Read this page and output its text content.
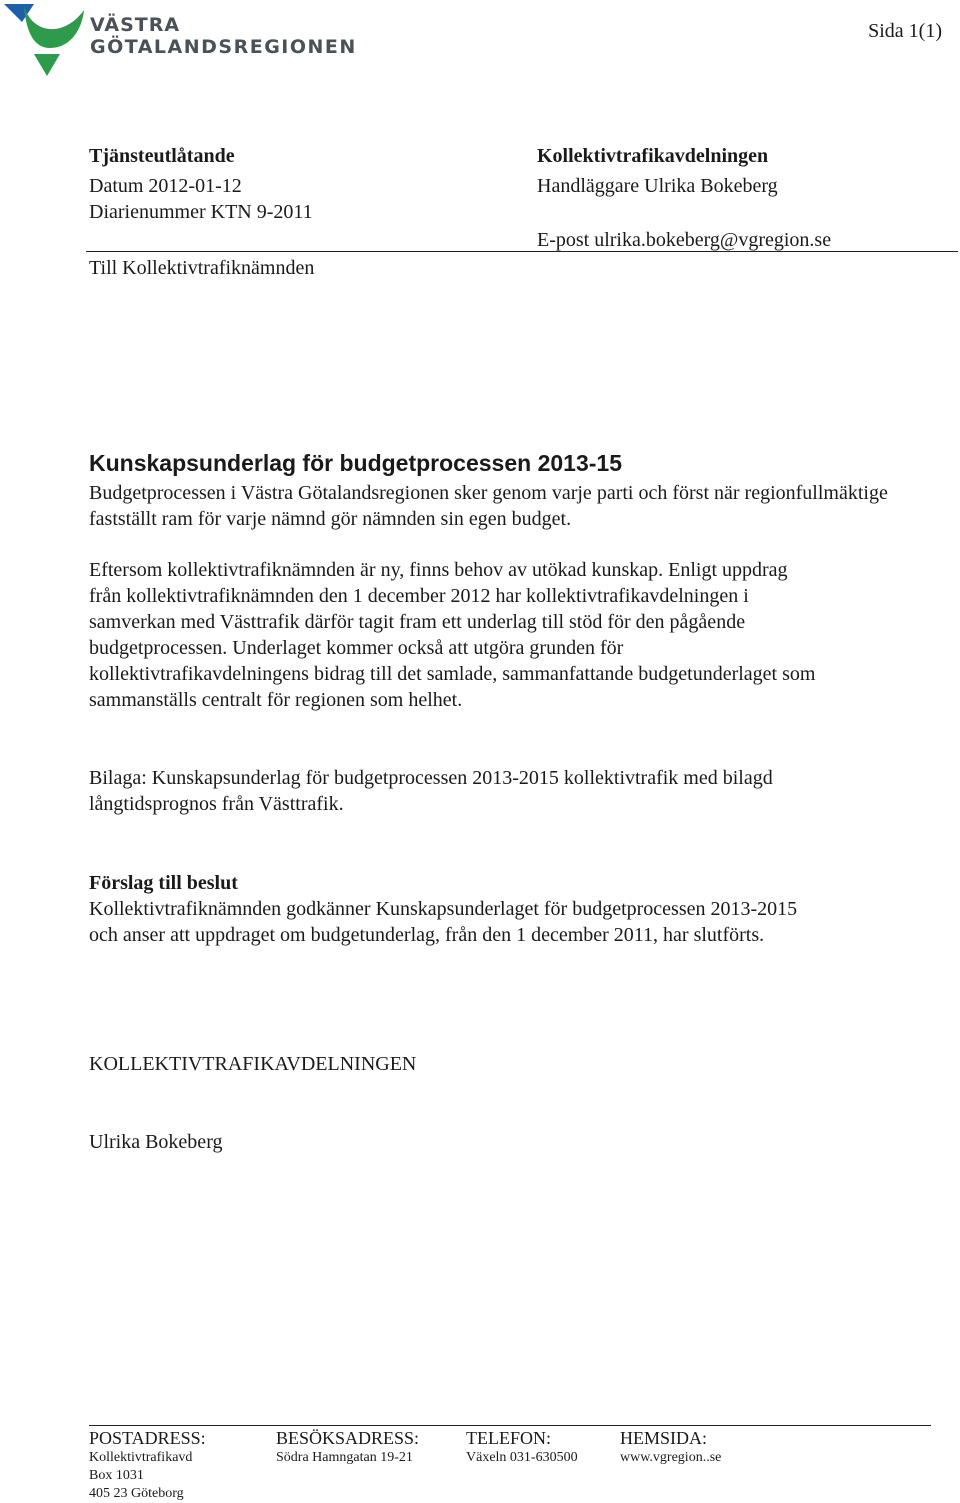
VÄSTRA
GÖTALANDSREGIONEN
Sida 1(1)
Tjänsteutlåtande
Datum 2012-01-12
Diarienummer KTN 9-2011
Till Kollektivtrafiknämnden
Kollektivtrafikavdelningen
Handläggare Ulrika Bokeberg
E-post ulrika.bokeberg@vgregion.se
Kunskapsunderlag för budgetprocessen 2013-15
Budgetprocessen i Västra Götalandsregionen sker genom varje parti och först när regionfullmäktige fastställt ram för varje nämnd gör nämnden sin egen budget.
Eftersom kollektivtrafiknämnden är ny, finns behov av utökad kunskap. Enligt uppdrag från kollektivtrafiknämnden den 1 december 2012 har kollektivtrafikavdelningen i samverkan med Västtrafik därför tagit fram ett underlag till stöd för den pågående budgetprocessen. Underlaget kommer också att utgöra grunden för kollektivtrafikavdelningens bidrag till det samlade, sammanfattande budgetunderlaget som sammanställs centralt för regionen som helhet.
Bilaga: Kunskapsunderlag för budgetprocessen 2013-2015 kollektivtrafik med bilagd långtidsprognos från Västtrafik.
Förslag till beslut
Kollektivtrafiknämnden godkänner Kunskapsunderlaget för budgetprocessen 2013-2015 och anser att uppdraget om budgetunderlag, från den 1 december 2011, har slutförts.
KOLLEKTIVTRAFIKAVDELNINGEN
Ulrika Bokeberg
POSTADRESS:
Kollektivtrafikavd
Box 1031
405 23 Göteborg
BESÖKSADRESS:
Södra Hamngatan 19-21
TELEFON:
Växeln 031-630500
HEMSIDA:
www.vgregion..se
